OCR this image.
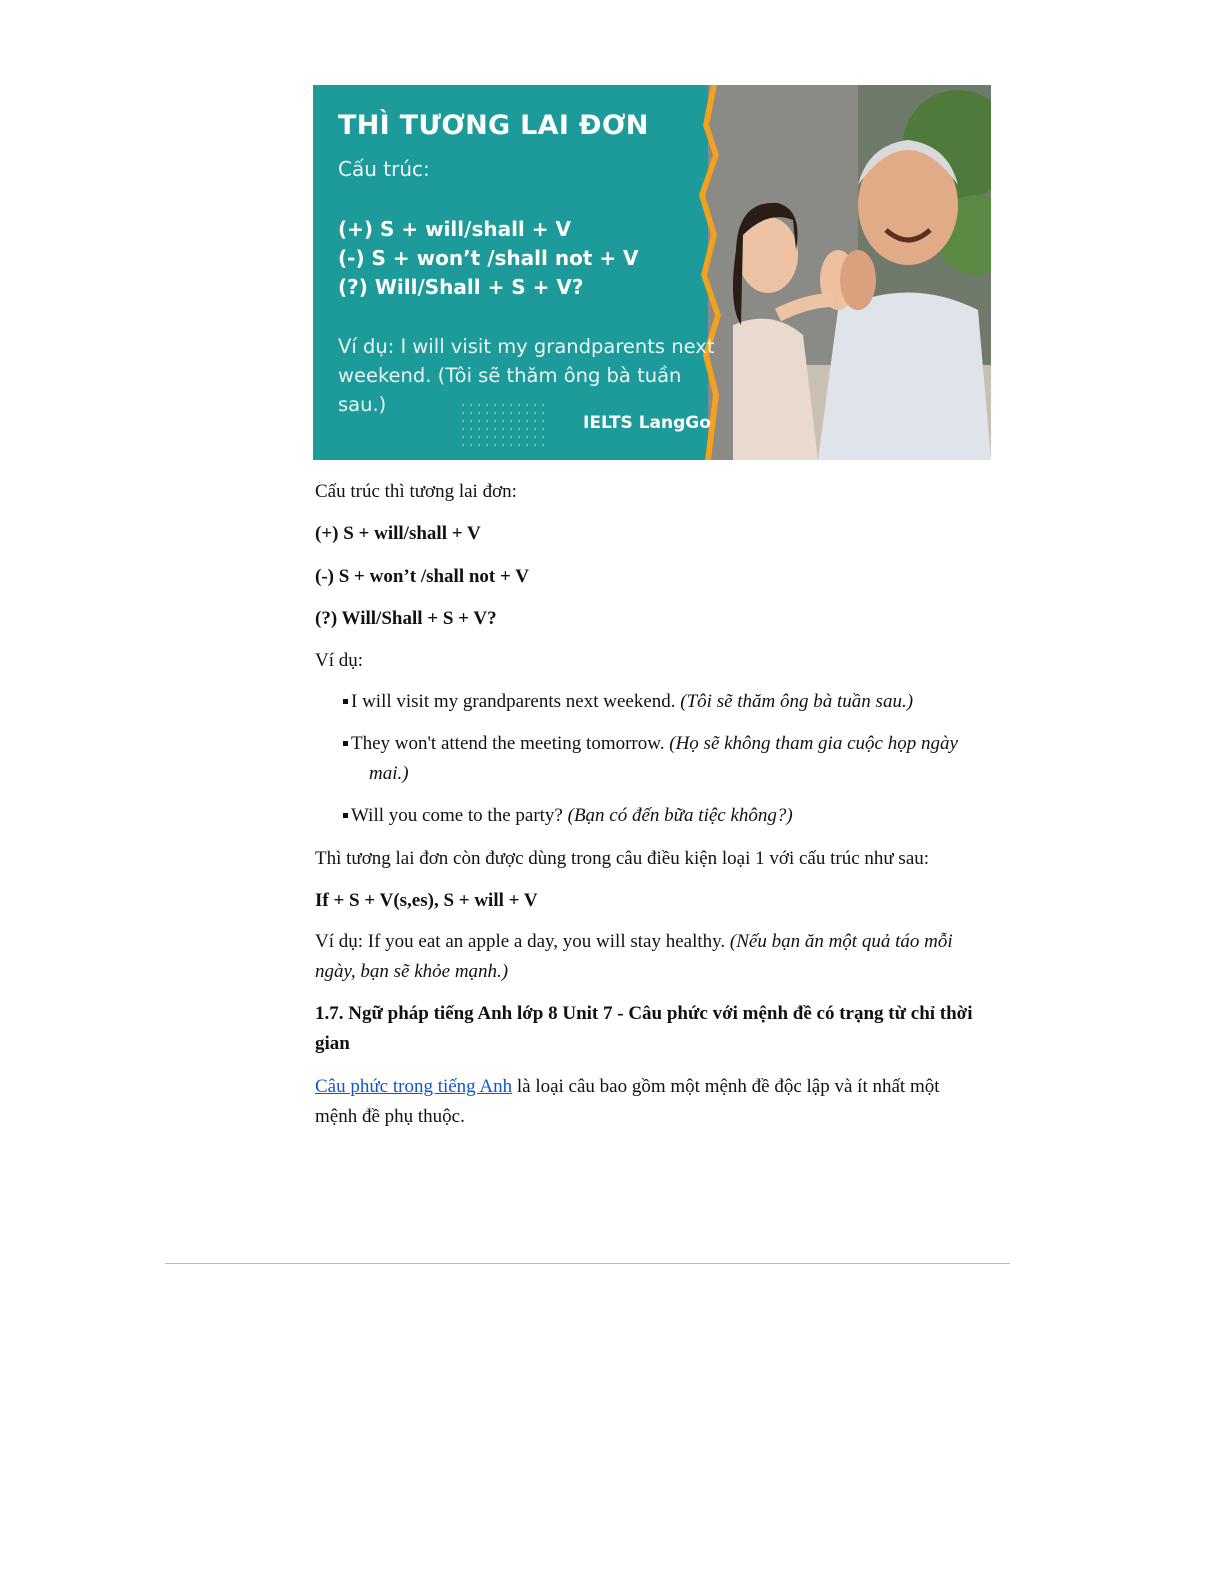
THÌ TƯƠNG LAI ĐƠN
Cấu trúc:
(+) S + will/shall + V
(-) S + won’t /shall not + V
(?) Will/Shall + S + V?
Ví dụ: I will visit my grandparents next weekend. (Tôi sẽ thăm ông bà tuần sau.)
IELTS LangGo
Cấu trúc thì tương lai đơn:
(+) S + will/shall + V
(-) S + won’t /shall not + V
(?) Will/Shall + S + V?
Ví dụ:
I will visit my grandparents next weekend. (Tôi sẽ thăm ông bà tuần sau.)
They won't attend the meeting tomorrow. (Họ sẽ không tham gia cuộc họp ngày
mai.)
Will you come to the party? (Bạn có đến bữa tiệc không?)
Thì tương lai đơn còn được dùng trong câu điều kiện loại 1 với cấu trúc như sau:
If + S + V(s,es), S + will + V
Ví dụ: If you eat an apple a day, you will stay healthy. (Nếu bạn ăn một quả táo mỗi
ngày, bạn sẽ khỏe mạnh.)
1.7. Ngữ pháp tiếng Anh lớp 8 Unit 7 - Câu phức với mệnh đề có trạng từ chỉ thời
gian
Câu phức trong tiếng Anh là loại câu bao gồm một mệnh đề độc lập và ít nhất một
mệnh đề phụ thuộc.
